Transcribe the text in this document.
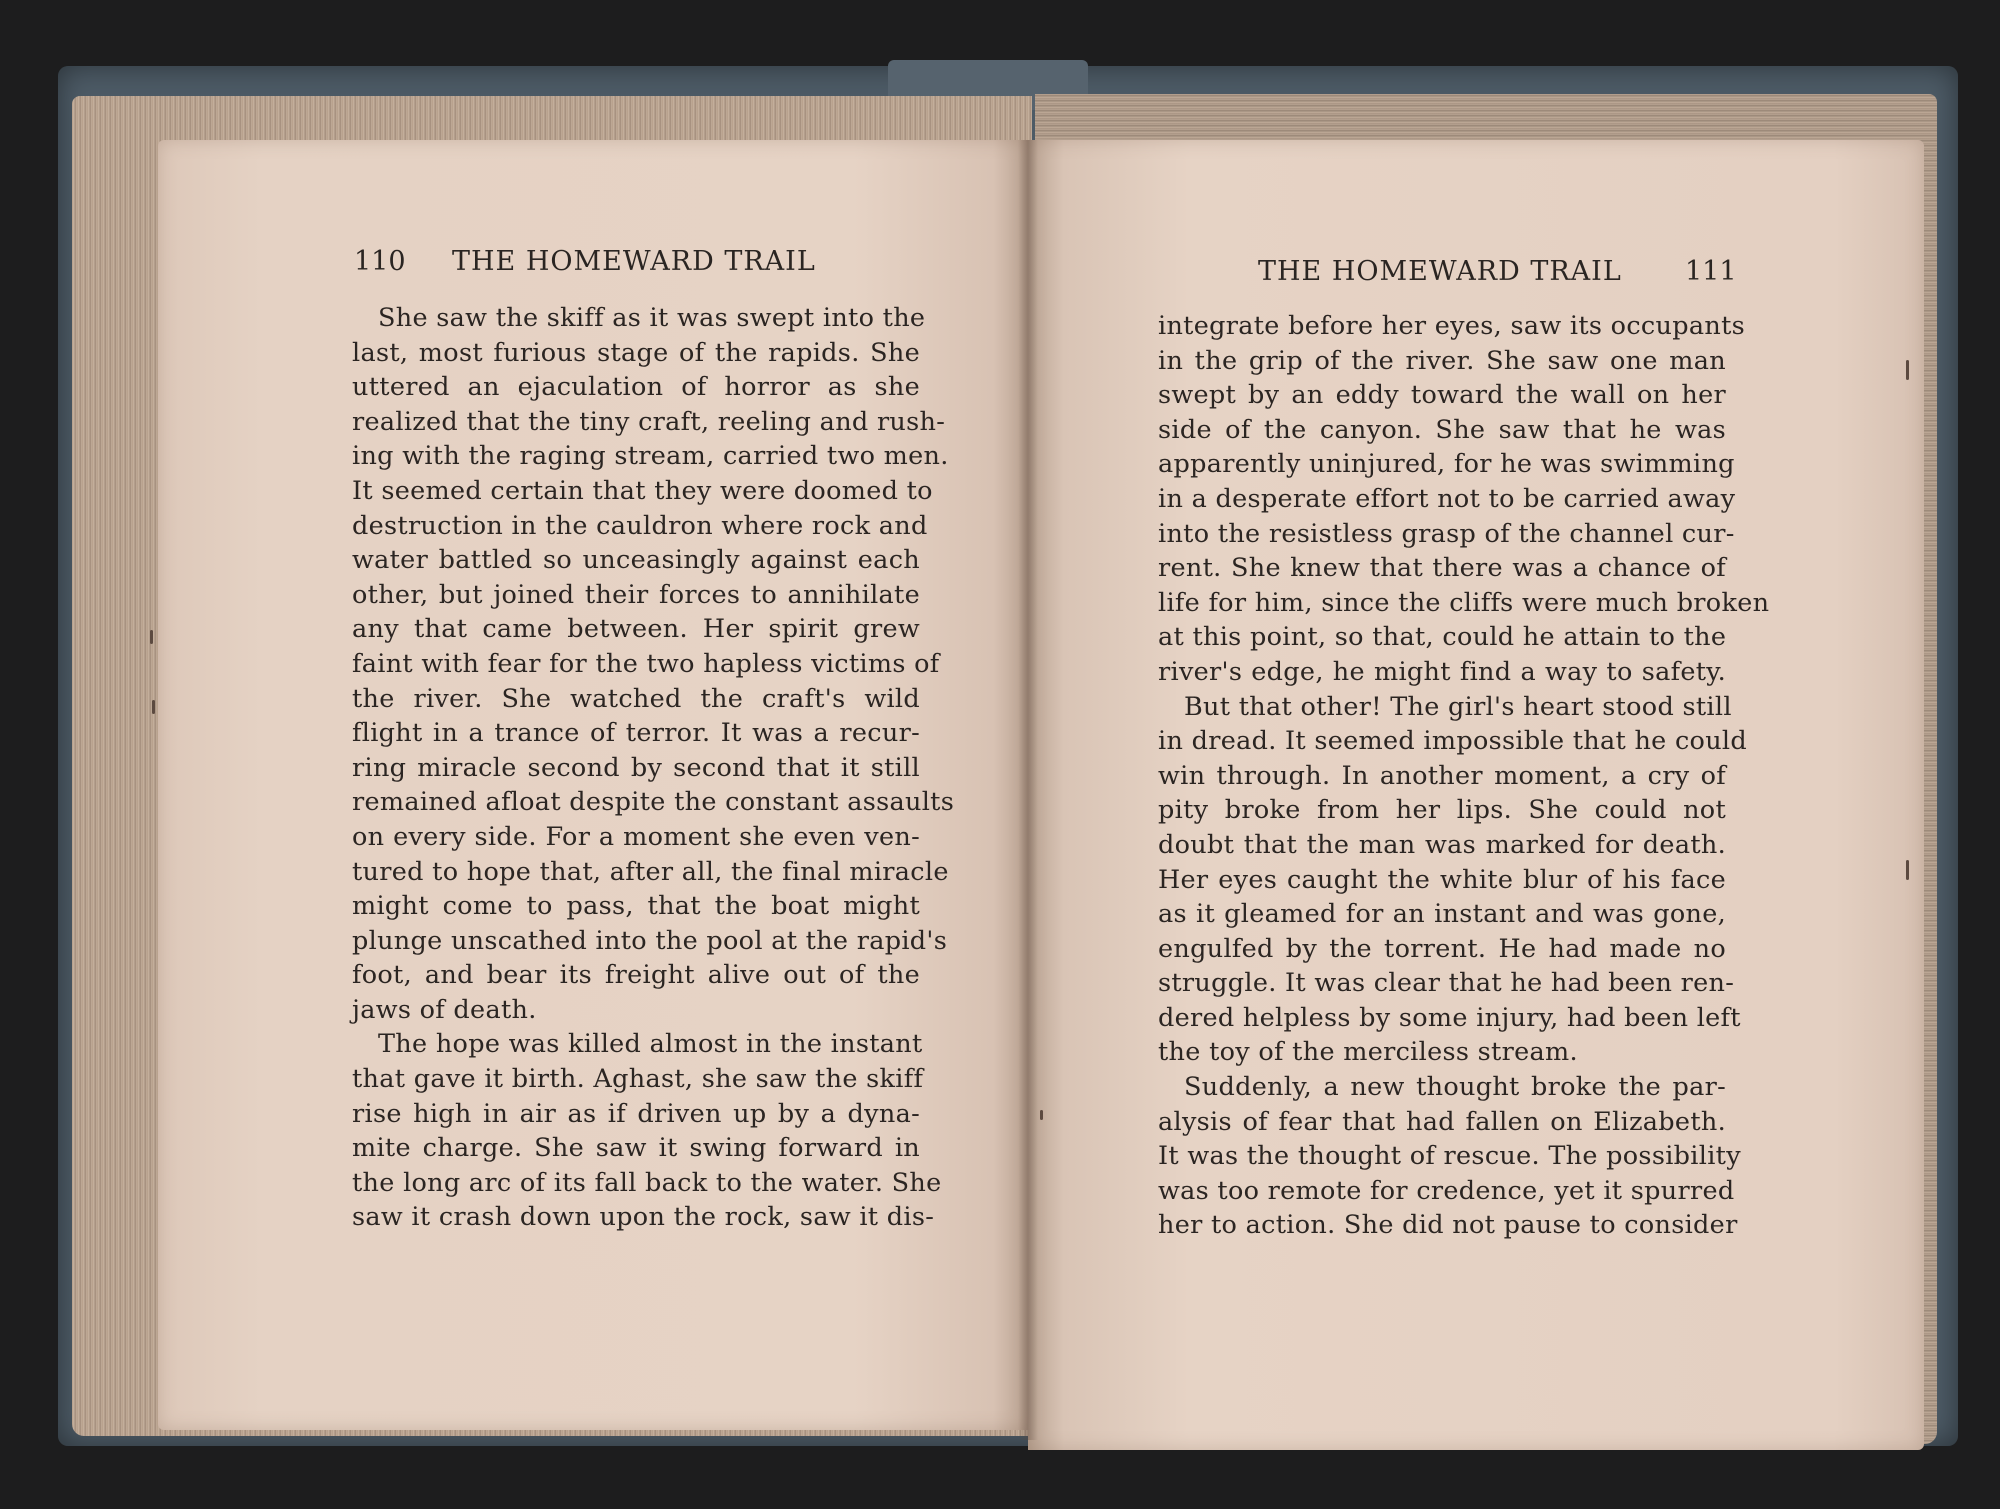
110 THE HOMEWARD TRAIL	THE HOMEWARD TRAIL 111
She saw the skiff as it was swept into the
last, most furious stage of the rapids. She
uttered an ejaculation of horror as she
realized that the tiny craft, reeling and rush-
ing with the raging stream, carried two men.
It seemed certain that they were doomed to
destruction in the cauldron where rock and
water battled so unceasingly against each
other, but joined their forces to annihilate
any that came between. Her spirit grew
faint with fear for the two hapless victims of
the river. She watched the craft's wild
flight in a trance of terror. It was a recur-
ring miracle second by second that it still
remained afloat despite the constant assaults
on every side. For a moment she even ven-
tured to hope that, after all, the final miracle
might come to pass, that the boat might
plunge unscathed into the pool at the rapid's
foot, and bear its freight alive out of the
jaws of death.
The hope was killed almost in the instant
that gave it birth. Aghast, she saw the skiff
rise high in air as if driven up by a dyna-
mite charge. She saw it swing forward in
the long arc of its fall back to the water. She
saw it crash down upon the rock, saw it dis-
integrate before her eyes, saw its occupants
in the grip of the river. She saw one man
swept by an eddy toward the wall on her
side of the canyon. She saw that he was
apparently uninjured, for he was swimming
in a desperate effort not to be carried away
into the resistless grasp of the channel cur-
rent. She knew that there was a chance of
life for him, since the cliffs were much broken
at this point, so that, could he attain to the
river's edge, he might find a way to safety.
But that other! The girl's heart stood still
in dread. It seemed impossible that he could
win through. In another moment, a cry of
pity broke from her lips. She could not
doubt that the man was marked for death.
Her eyes caught the white blur of his face
as it gleamed for an instant and was gone,
engulfed by the torrent. He had made no
struggle. It was clear that he had been ren-
dered helpless by some injury, had been left
the toy of the merciless stream.
Suddenly, a new thought broke the par-
alysis of fear that had fallen on Elizabeth.
It was the thought of rescue. The possibility
was too remote for credence, yet it spurred
her to action. She did not pause to consider
